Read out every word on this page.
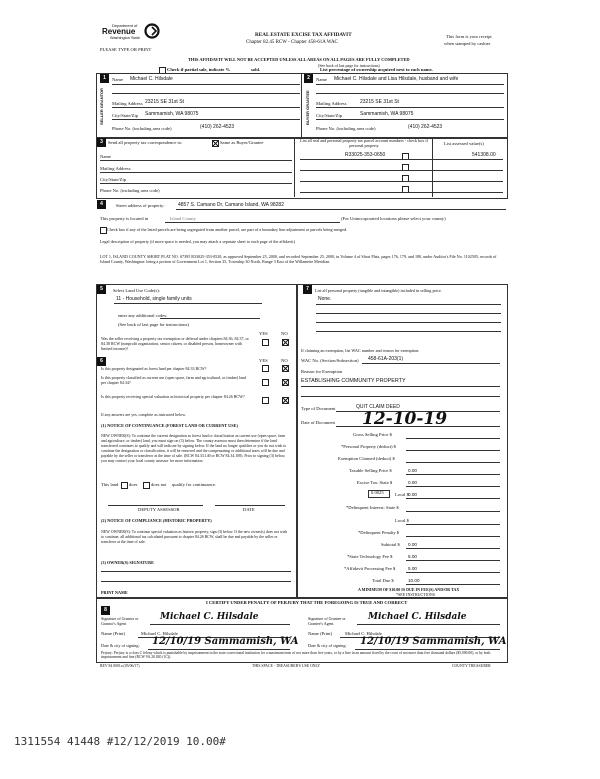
Department of
Revenue
Washington State
PLEASE TYPE OR PRINT
REAL ESTATE EXCISE TAX AFFIDAVIT
Chapter 82.45 RCW - Chapter 458-61A WAC
This form is your receipt
when stamped by cashier
THIS AFFIDAVIT WILL NOT BE ACCEPTED UNLESS ALL AREAS ON ALL PAGES ARE FULLY COMPLETED
(See back of last page for instructions)
Check if partial sale, indicate %	sold.	List percentage of ownership acquired next to each name.
1	2
SELLER GRANTOR	BUYER GRANTEE
Name Michael C. Hilsdale
Mailing Address 23215 SE 31st St
City/State/Zip Sammamish, WA 98075
Phone No. (including area code)	(410) 262-4523
Name Michael C. Hilsdale and Lisa Hilsdale, husband and wife
Mailing Address	23215 SE 31st St
City/State/Zip	Sammamish, WA 98075
Phone No. (including area code)	(410) 262-4523
3	Send all property tax correspondence to:	Same as Buyer/Grantee
Name
Mailing Address
City/State/Zip
Phone No. (including area code)
List all real and personal property tax parcel account numbers - check box if personal property	List assessed value(s)
R33025-353-0650	541308.00
4	Street address of property:	4857 S. Camano Dr, Camano Island, WA 98282
This property is located in	Island County	(For Unincorporated locations please select your county)
Check box if any of the listed parcels are being segregated from another parcel, are part of a boundary line adjustment or parcels being merged.
Legal description of property (if more space is needed, you may attach a separate sheet to each page of the affidavit)
LOT 1, ISLAND COUNTY SHORT PLAT NO. S7395 R33025-353-0520, as approved September 25, 2000, and recorded September 25, 2000, in Volume 4 of Short Plats, pages 176, 179, and 180, under Auditor's File No. 1102505, records of Island County, Washington: being a portion of Government Lot 1, Section 25, Township 30 North, Range 3 East of the Willamette Meridian.
5	Select Land Use Code(s):
11 - Household, single family units
enter any additional codes:
(See back of last page for instructions)
YES	NO
Was the seller receiving a property tax exemption or deferral under chapters 84.36, 84.37, or 84.38 RCW (nonprofit organization, senior citizen, or disabled person, homeowner with limited income)?
6	YES	NO
Is this property designated as forest land per chapter 84.33 RCW?
Is this property classified as current use (open space, farm and agricultural, or timber) land per chapter 84.34?
Is this property receiving special valuation as historical property per chapter 84.26 RCW?
If any answers are yes, complete as instructed below.
(1) NOTICE OF CONTINUANCE (FOREST LAND OR CURRENT USE)
NEW OWNER(S): To continue the current designation as forest land or classification as current use (open space, farm and agriculture, or timber) land, you must sign on (3) below. The county assessor must then determine if the land transferred continues to qualify and will indicate by signing below. If the land no longer qualifies or you do not wish to continue the designation or classification, it will be removed and the compensating or additional taxes will be due and payable by the seller or transferor at the time of sale. (RCW 84.33.140 or RCW 84.34.108). Prior to signing (3) below, you may contact your local county assessor for more information.
This land does	does not qualify for continuance.
DEPUTY ASSESSOR	DATE
(2) NOTICE OF COMPLIANCE (HISTORIC PROPERTY)
NEW OWNER(S): To continue special valuation as historic property, sign (3) below. If the new owner(s) does not wish to continue, all additional tax calculated pursuant to chapter 84.26 RCW, shall be due and payable by the seller or transferor at the time of sale.
(3) OWNER(S) SIGNATURE
PRINT NAME
7	List all personal property (tangible and intangible) included in selling price.
None.
If claiming an exemption, list WAC number and reason for exemption:
WAC No. (Section/Subsection) 458-61A-203(1)
Reason for Exemption
ESTABLISHING COMMUNITY PROPERTY
Type of Document	QUIT CLAIM DEED
Date of Document 12-10-19
Gross Selling Price $
*Personal Property (deduct) $
Exemption Claimed (deduct) $
Taxable Selling Price $	0.00
Excise Tax: State $	0.00
0.0025 Local $ 0.00
*Delinquent Interest: State $
Local $
*Delinquent Penalty $
Subtotal $ 0.00
*State Technology Fee $	5.00
*Affidavit Processing Fee $	5.00
Total Due $	10.00
A MINIMUM OF $10.00 IS DUE IN FEE(S) AND/OR TAX
*SEE INSTRUCTIONS
8
I CERTIFY UNDER PENALTY OF PERJURY THAT THE FOREGOING IS TRUE AND CORRECT
Signature of Grantor or Grantor's Agent
Michael C. Hilsdale	Signature of Grantee or Grantee's Agent
Michael C. Hilsdale
Name (Print)	Michael C. Hilsdale	Name (Print)	Michael C. Hilsdale
Date & city of signing: 12/10/19 Sammamish, WA Date & city of signing: 12/10/19 Sammamish, WA
Perjury: Perjury is a class C felony which is punishable by imprisonment in the state correctional institution for a maximum term of not more than five years, or by a fine in an amount fixed by the court of not more than five thousand dollars ($5,000.00), or by both imprisonment and fine (RCW 9A.20.020 (1C)).
REV 84 0001a (05/06/17)	THIS SPACE - TREASURER'S USE ONLY	COUNTY TREASURER
1311554 41448 #12/12/2019 10.00#
